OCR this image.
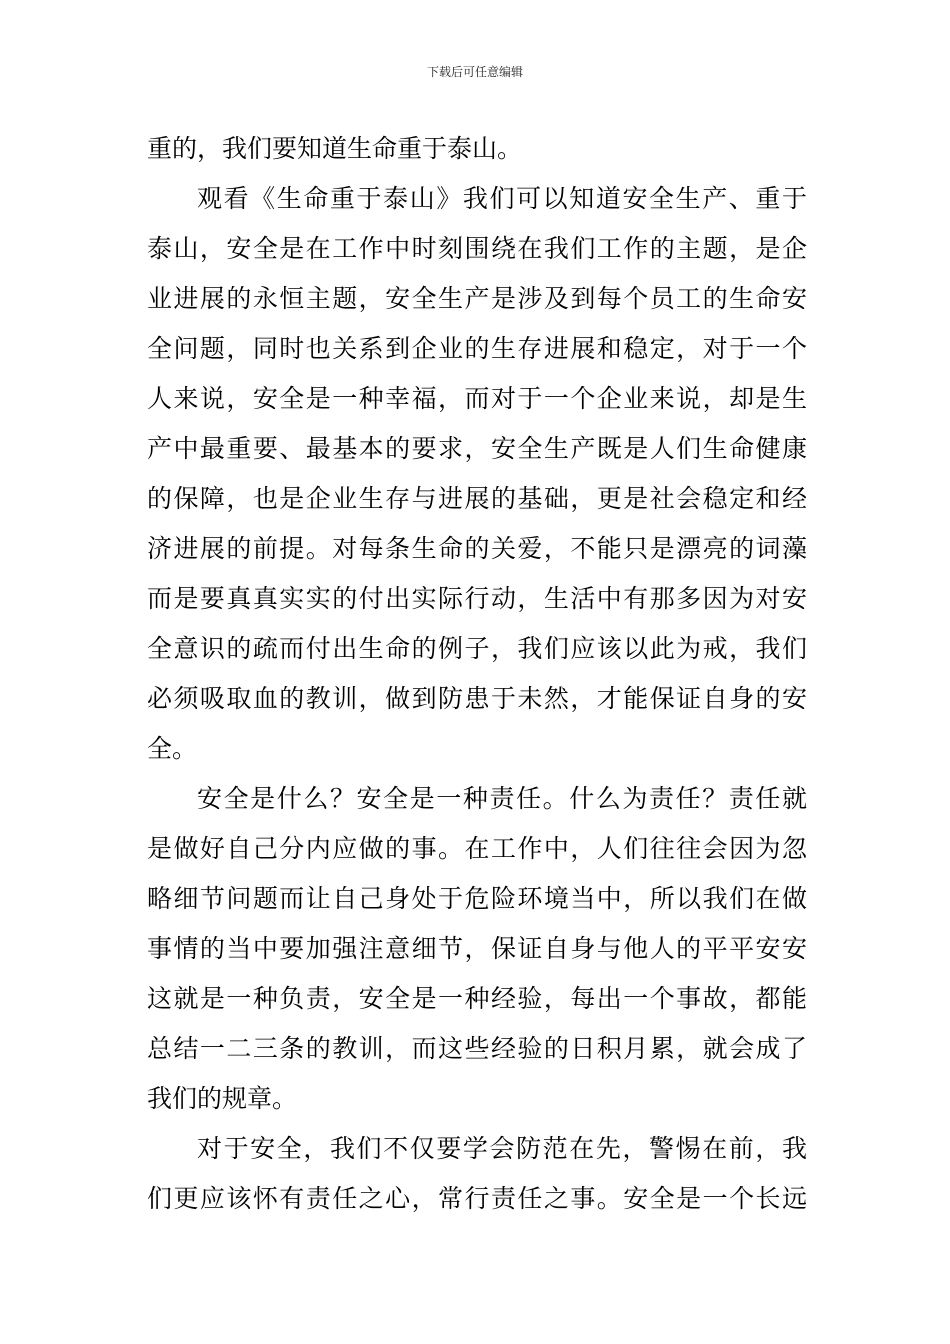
下载后可任意编辑
重的，我们要知道生命重于泰山。
观看《生命重于泰山》我们可以知道安全生产、重于
泰山，安全是在工作中时刻围绕在我们工作的主题，是企
业进展的永恒主题，安全生产是涉及到每个员工的生命安
全问题，同时也关系到企业的生存进展和稳定，对于一个
人来说，安全是一种幸福，而对于一个企业来说，却是生
产中最重要、最基本的要求，安全生产既是人们生命健康
的保障，也是企业生存与进展的基础，更是社会稳定和经
济进展的前提。对每条生命的关爱，不能只是漂亮的词藻
而是要真真实实的付出实际行动，生活中有那多因为对安
全意识的疏而付出生命的例子，我们应该以此为戒，我们
必须吸取血的教训，做到防患于未然，才能保证自身的安
全。
安全是什么？安全是一种责任。什么为责任？责任就
是做好自己分内应做的事。在工作中，人们往往会因为忽
略细节问题而让自己身处于危险环境当中，所以我们在做
事情的当中要加强注意细节，保证自身与他人的平平安安
这就是一种负责，安全是一种经验，每出一个事故，都能
总结一二三条的教训，而这些经验的日积月累，就会成了
我们的规章。
对于安全，我们不仅要学会防范在先，警惕在前，我
们更应该怀有责任之心，常行责任之事。安全是一个长远
